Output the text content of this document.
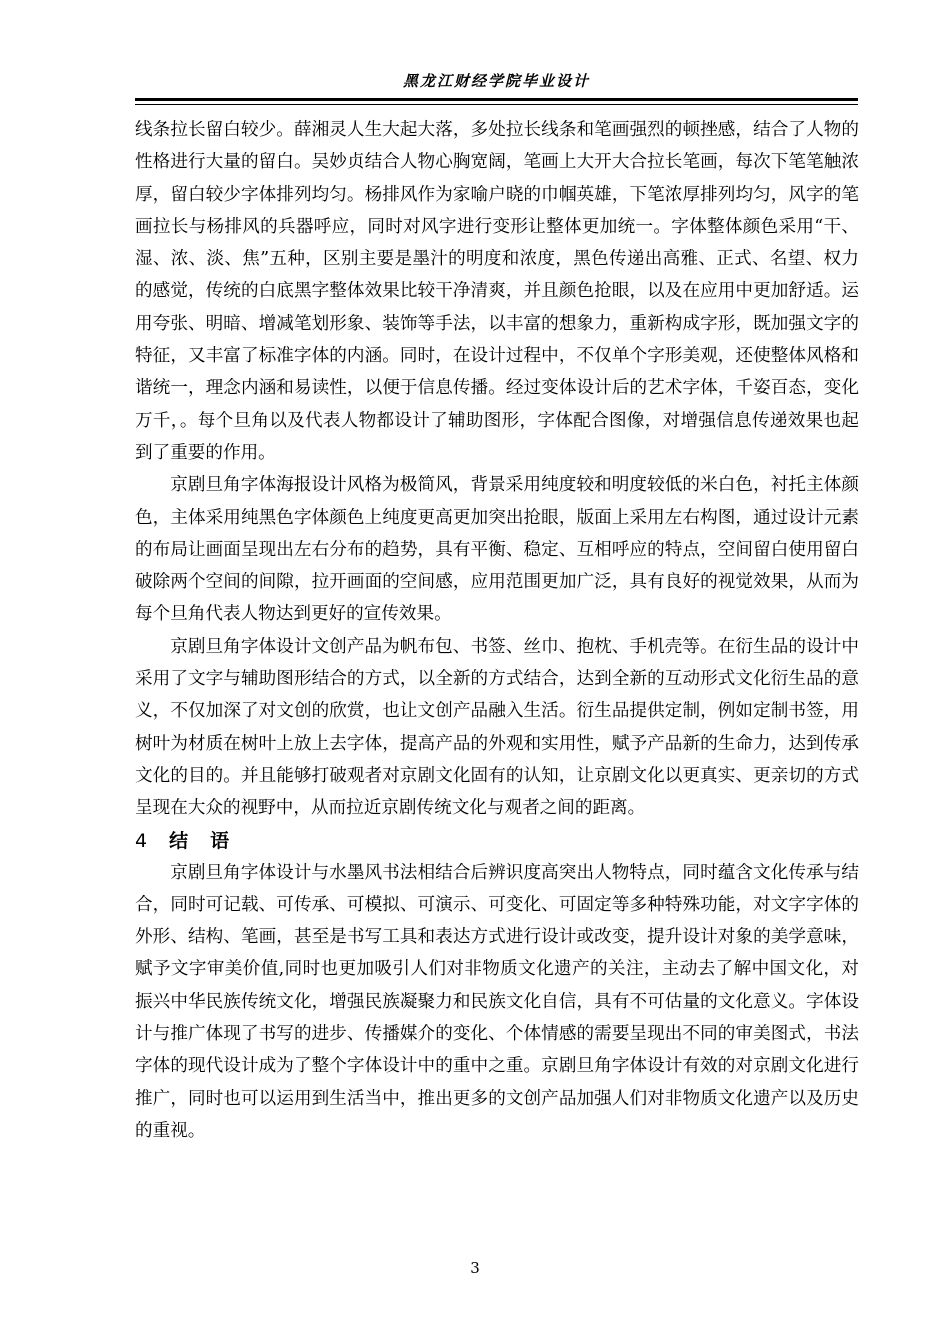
黑龙江财经学院毕业设计

线条拉长留白较少。薛湘灵人生大起大落，多处拉长线条和笔画强烈的顿挫感，结合了人物的性格进行大量的留白。吴妙贞结合人物心胸宽阔，笔画上大开大合拉长笔画，每次下笔笔触浓厚，留白较少字体排列均匀。杨排风作为家喻户晓的巾帼英雄，下笔浓厚排列均匀，风字的笔画拉长与杨排风的兵器呼应，同时对风字进行变形让整体更加统一。字体整体颜色采用“干、湿、浓、淡、焦”五种，区别主要是墨汁的明度和浓度，黑色传递出高雅、正式、名望、权力的感觉，传统的白底黑字整体效果比较干净清爽，并且颜色抢眼，以及在应用中更加舒适。运用夸张、明暗、增减笔划形象、装饰等手法，以丰富的想象力，重新构成字形，既加强文字的特征，又丰富了标准字体的内涵。同时，在设计过程中，不仅单个字形美观，还使整体风格和谐统一，理念内涵和易读性，以便于信息传播。经过变体设计后的艺术字体，千姿百态，变化万千，。每个旦角以及代表人物都设计了辅助图形，字体配合图像，对增强信息传递效果也起到了重要的作用。

京剧旦角字体海报设计风格为极简风，背景采用纯度较和明度较低的米白色，衬托主体颜色，主体采用纯黑色字体颜色上纯度更高更加突出抢眼，版面上采用左右构图，通过设计元素的布局让画面呈现出左右分布的趋势，具有平衡、稳定、互相呼应的特点，空间留白使用留白破除两个空间的间隙，拉开画面的空间感，应用范围更加广泛，具有良好的视觉效果，从而为每个旦角代表人物达到更好的宣传效果。

京剧旦角字体设计文创产品为帆布包、书签、丝巾、抱枕、手机壳等。在衍生品的设计中采用了文字与辅助图形结合的方式，以全新的方式结合，达到全新的互动形式文化衍生品的意义，不仅加深了对文创的欣赏，也让文创产品融入生活。衍生品提供定制，例如定制书签，用树叶为材质在树叶上放上去字体，提高产品的外观和实用性，赋予产品新的生命力，达到传承文化的目的。并且能够打破观者对京剧文化固有的认知，让京剧文化以更真实、更亲切的方式呈现在大众的视野中，从而拉近京剧传统文化与观者之间的距离。

4 结 语

京剧旦角字体设计与水墨风书法相结合后辨识度高突出人物特点，同时蕴含文化传承与结合，同时可记载、可传承、可模拟、可演示、可变化、可固定等多种特殊功能，对文字字体的外形、结构、笔画，甚至是书写工具和表达方式进行设计或改变，提升设计对象的美学意味，赋予文字审美价值,同时也更加吸引人们对非物质文化遗产的关注，主动去了解中国文化，对振兴中华民族传统文化，增强民族凝聚力和民族文化自信，具有不可估量的文化意义。字体设计与推广体现了书写的进步、传播媒介的变化、个体情感的需要呈现出不同的审美图式，书法字体的现代设计成为了整个字体设计中的重中之重。京剧旦角字体设计有效的对京剧文化进行推广，同时也可以运用到生活当中，推出更多的文创产品加强人们对非物质文化遗产以及历史的重视。

3
